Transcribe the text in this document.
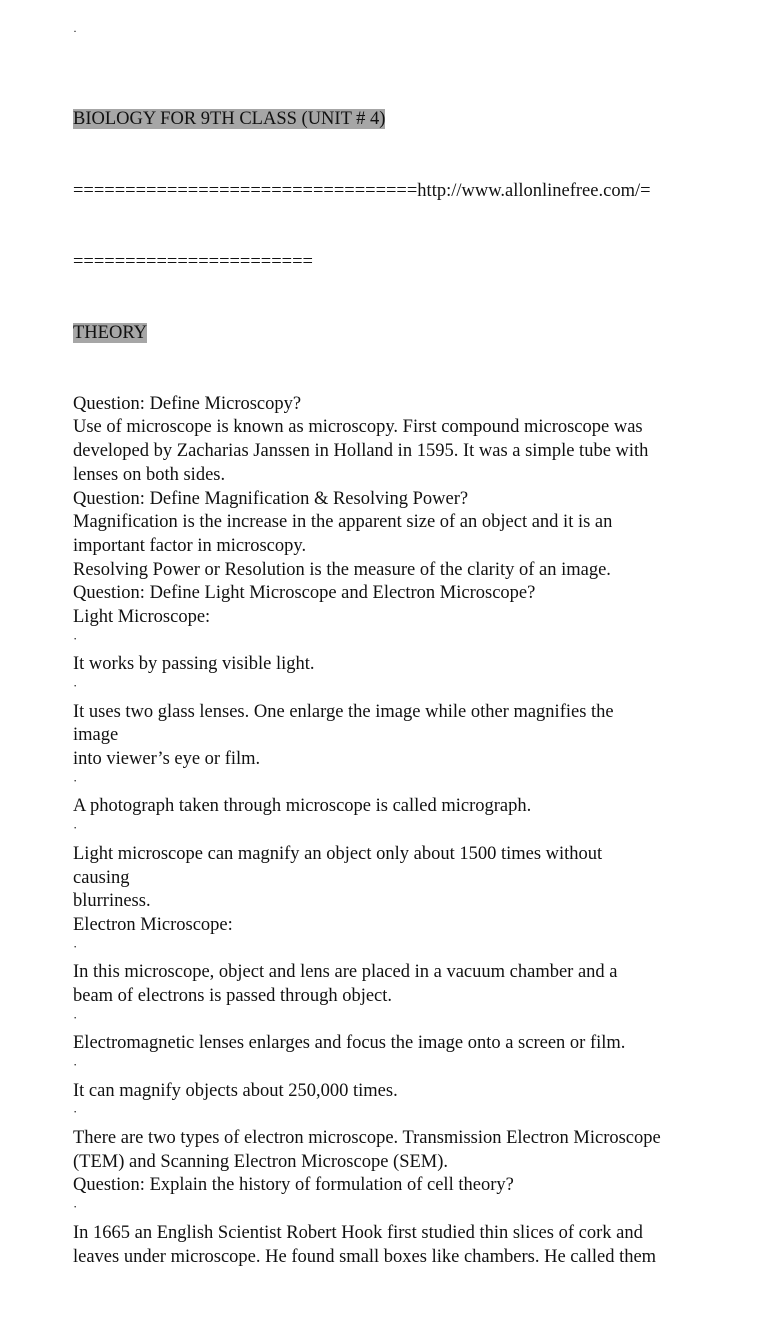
·

BIOLOGY FOR 9TH CLASS (UNIT # 4)

=================================http://www.allonlinefree.com/=

=======================

THEORY

Question: Define Microscopy?
Use of microscope is known as microscopy. First compound microscope was
developed by Zacharias Janssen in Holland in 1595. It was a simple tube with
lenses on both sides.
Question: Define Magnification & Resolving Power?
Magnification is the increase in the apparent size of an object and it is an
important factor in microscopy.
Resolving Power or Resolution is the measure of the clarity of an image.
Question: Define Light Microscope and Electron Microscope?
Light Microscope:
·
It works by passing visible light.
·
It uses two glass lenses. One enlarge the image while other magnifies the
image
into viewer’s eye or film.
·
A photograph taken through microscope is called micrograph.
·
Light microscope can magnify an object only about 1500 times without
causing
blurriness.
Electron Microscope:
·
In this microscope, object and lens are placed in a vacuum chamber and a
beam of electrons is passed through object.
·
Electromagnetic lenses enlarges and focus the image onto a screen or film.
·
It can magnify objects about 250,000 times.
·
There are two types of electron microscope. Transmission Electron Microscope
(TEM) and Scanning Electron Microscope (SEM).
Question: Explain the history of formulation of cell theory?
·
In 1665 an English Scientist Robert Hook first studied thin slices of cork and
leaves under microscope. He found small boxes like chambers. He called them
